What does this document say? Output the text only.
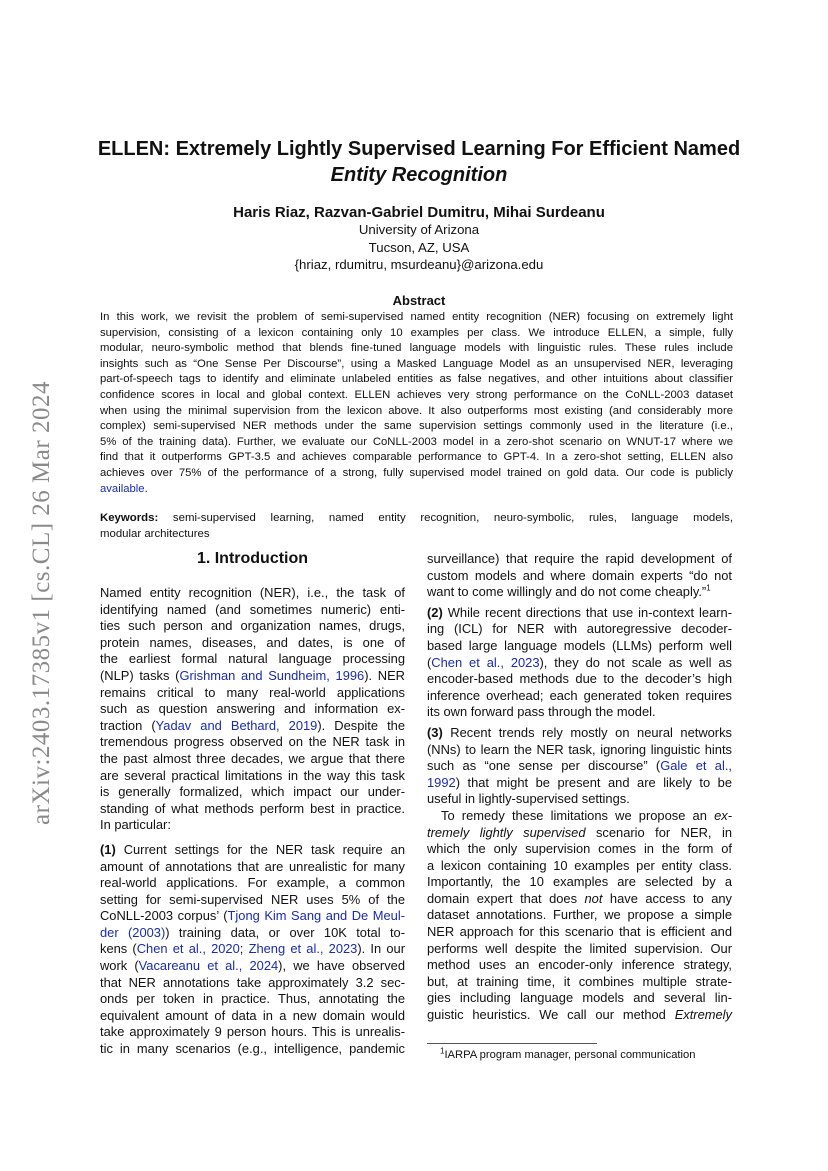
arXiv:2403.17385v1 [cs.CL] 26 Mar 2024
ELLEN: Extremely Lightly Supervised Learning For Efficient Named
Entity Recognition
Haris Riaz, Razvan-Gabriel Dumitru, Mihai Surdeanu
University of Arizona
Tucson, AZ, USA
{hriaz, rdumitru, msurdeanu}@arizona.edu
Abstract
In this work, we revisit the problem of semi-supervised named entity recognition (NER) focusing on extremely light
supervision, consisting of a lexicon containing only 10 examples per class. We introduce ELLEN, a simple, fully
modular, neuro-symbolic method that blends fine-tuned language models with linguistic rules. These rules include
insights such as “One Sense Per Discourse”, using a Masked Language Model as an unsupervised NER, leveraging
part-of-speech tags to identify and eliminate unlabeled entities as false negatives, and other intuitions about classifier
confidence scores in local and global context. ELLEN achieves very strong performance on the CoNLL-2003 dataset
when using the minimal supervision from the lexicon above. It also outperforms most existing (and considerably more
complex) semi-supervised NER methods under the same supervision settings commonly used in the literature (i.e.,
5% of the training data). Further, we evaluate our CoNLL-2003 model in a zero-shot scenario on WNUT-17 where we
find that it outperforms GPT-3.5 and achieves comparable performance to GPT-4. In a zero-shot setting, ELLEN also
achieves over 75% of the performance of a strong, fully supervised model trained on gold data. Our code is publicly
available.
Keywords: semi-supervised learning, named entity recognition, neuro-symbolic, rules, language models,
modular architectures
1. Introduction
Named entity recognition (NER), i.e., the task of
identifying named (and sometimes numeric) enti-
ties such person and organization names, drugs,
protein names, diseases, and dates, is one of
the earliest formal natural language processing
(NLP) tasks (Grishman and Sundheim, 1996). NER
remains critical to many real-world applications
such as question answering and information ex-
traction (Yadav and Bethard, 2019). Despite the
tremendous progress observed on the NER task in
the past almost three decades, we argue that there
are several practical limitations in the way this task
is generally formalized, which impact our under-
standing of what methods perform best in practice.
In particular:
(1) Current settings for the NER task require an
amount of annotations that are unrealistic for many
real-world applications. For example, a common
setting for semi-supervised NER uses 5% of the
CoNLL-2003 corpus’ (Tjong Kim Sang and De Meul-
der (2003)) training data, or over 10K total to-
kens (Chen et al., 2020; Zheng et al., 2023). In our
work (Vacareanu et al., 2024), we have observed
that NER annotations take approximately 3.2 sec-
onds per token in practice. Thus, annotating the
equivalent amount of data in a new domain would
take approximately 9 person hours. This is unrealis-
tic in many scenarios (e.g., intelligence, pandemic
surveillance) that require the rapid development of
custom models and where domain experts “do not
want to come willingly and do not come cheaply.”$^1$
(2) While recent directions that use in-context learn-
ing (ICL) for NER with autoregressive decoder-
based large language models (LLMs) perform well
(Chen et al., 2023), they do not scale as well as
encoder-based methods due to the decoder’s high
inference overhead; each generated token requires
its own forward pass through the model.
(3) Recent trends rely mostly on neural networks
(NNs) to learn the NER task, ignoring linguistic hints
such as “one sense per discourse” (Gale et al.,
1992) that might be present and are likely to be
useful in lightly-supervised settings.
To remedy these limitations we propose an ex-
tremely lightly supervised scenario for NER, in
which the only supervision comes in the form of
a lexicon containing 10 examples per entity class.
Importantly, the 10 examples are selected by a
domain expert that does not have access to any
dataset annotations. Further, we propose a simple
NER approach for this scenario that is efficient and
performs well despite the limited supervision. Our
method uses an encoder-only inference strategy,
but, at training time, it combines multiple strate-
gies including language models and several lin-
guistic heuristics. We call our method Extremely
$^1$IARPA program manager, personal communication
